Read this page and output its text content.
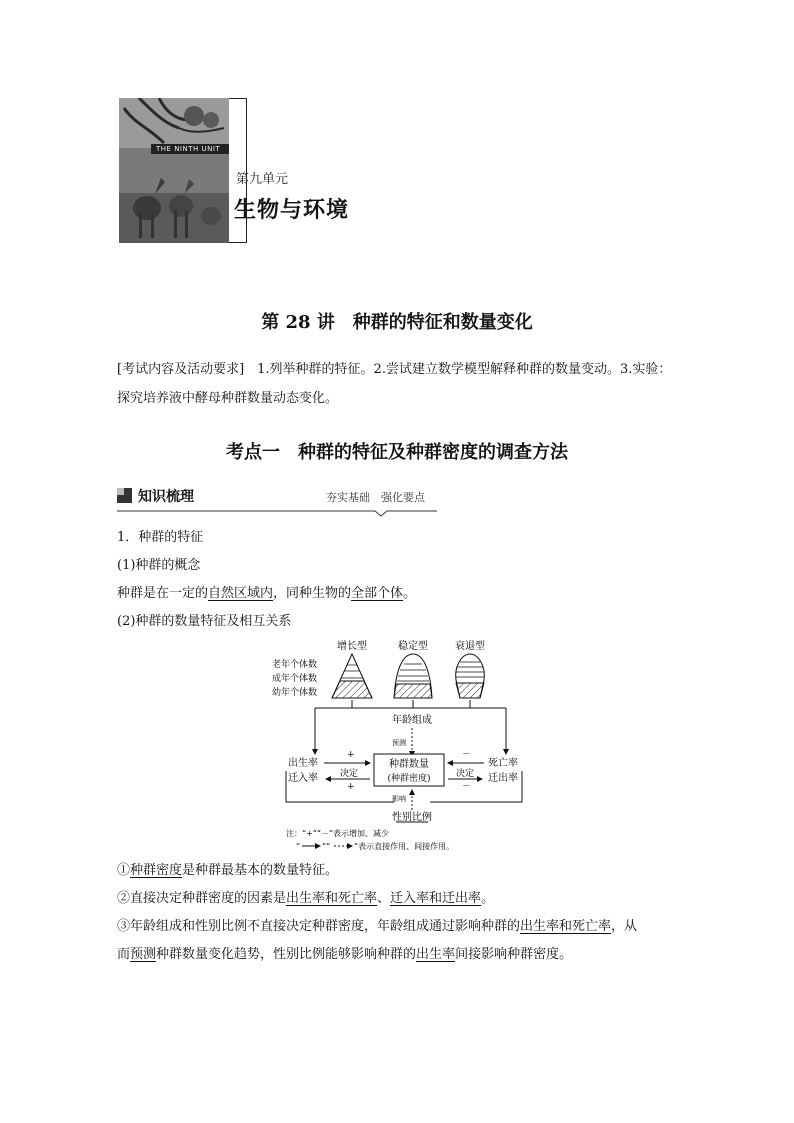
THE NINTH UNIT
第九单元
生物与环境
第 28 讲　种群的特征和数量变化
[考试内容及活动要求]　1.列举种群的特征。2.尝试建立数学模型解释种群的数量变动。3.实验：探究培养液中酵母种群数量动态变化。
考点一　种群的特征及种群密度的调查方法
知识梳理	夯实基础　强化要点
1．种群的特征
(1)种群的概念
种群是在一定的自然区域内，同种生物的全部个体。
(2)种群的数量特征及相互关系
增长型	稳定型	衰退型
老年个体数
成年个体数
幼年个体数
年龄组成
预测
出生率
迁入率
+
决定
+
种群数量
(种群密度)
死亡率
迁出率
－
决定
－
影响
性别比例
注：“+”“－”表示增加、减少
“	”“	”表示直接作用、间接作用。
①种群密度是种群最基本的数量特征。
②直接决定种群密度的因素是出生率和死亡率、迁入率和迁出率。
③年龄组成和性别比例不直接决定种群密度，年龄组成通过影响种群的出生率和死亡率，从
而预测种群数量变化趋势，性别比例能够影响种群的出生率间接影响种群密度。
